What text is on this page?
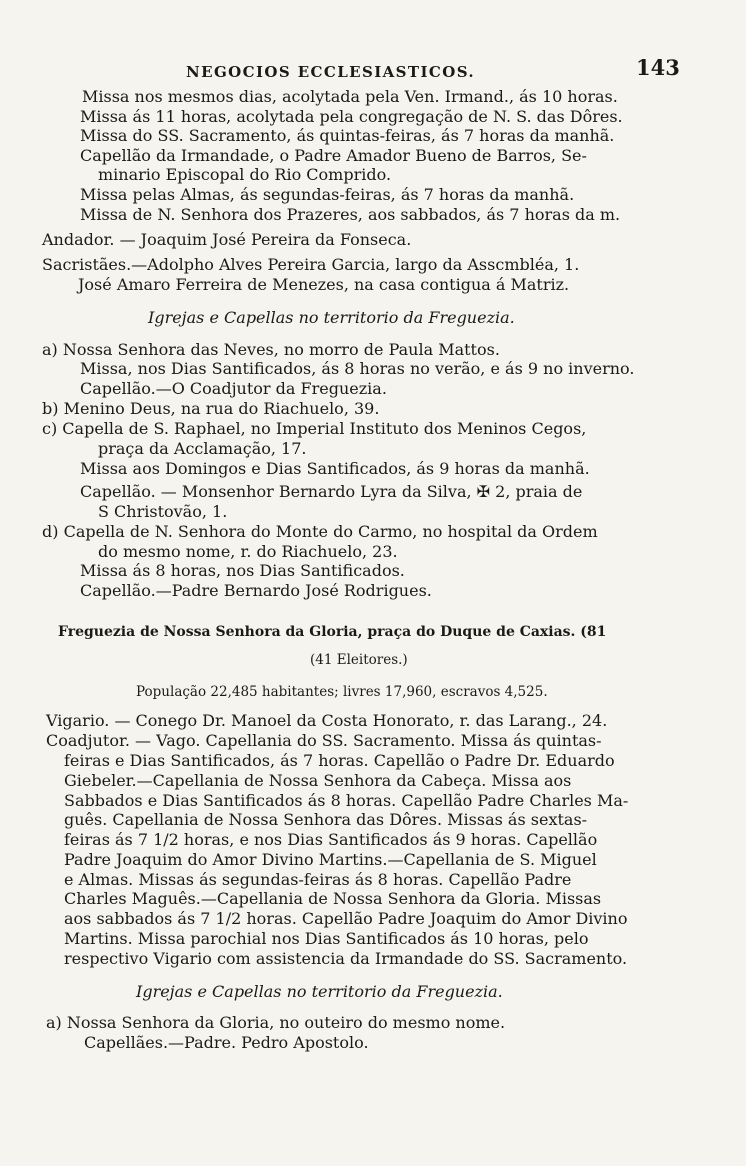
NEGOCIOS ECCLESIASTICOS.	143
Missa nos mesmos dias, acolytada pela Ven. Irmand., ás 10 horas.
Missa ás 11 horas, acolytada pela congregação de N. S. das Dôres.
Missa do SS. Sacramento, ás quintas-feiras, ás 7 horas da manhã.
Capellão da Irmandade, o Padre Amador Bueno de Barros, Se-
minario Episcopal do Rio Comprido.
Missa pelas Almas, ás segundas-feiras, ás 7 horas da manhã.
Missa de N. Senhora dos Prazeres, aos sabbados, ás 7 horas da m.
Andador. — Joaquim José Pereira da Fonseca.
Sacristães.—Adolpho Alves Pereira Garcia, largo da Asscmbléa, 1.
José Amaro Ferreira de Menezes, na casa contigua á Matriz.
Igrejas e Capellas no territorio da Freguezia.
a) Nossa Senhora das Neves, no morro de Paula Mattos.
Missa, nos Dias Santificados, ás 8 horas no verão, e ás 9 no inverno.
Capellão.—O Coadjutor da Freguezia.
b) Menino Deus, na rua do Riachuelo, 39.
c) Capella de S. Raphael, no Imperial Instituto dos Meninos Cegos,
praça da Acclamação, 17.
Missa aos Domingos e Dias Santificados, ás 9 horas da manhã.
Capellão. — Monsenhor Bernardo Lyra da Silva, ✠ 2, praia de
S Christovão, 1.
d) Capella de N. Senhora do Monte do Carmo, no hospital da Ordem
do mesmo nome, r. do Riachuelo, 23.
Missa ás 8 horas, nos Dias Santificados.
Capellão.—Padre Bernardo José Rodrigues.
Freguezia de Nossa Senhora da Gloria, praça do Duque de Caxias. (81
(41 Eleitores.)
População 22,485 habitantes; livres 17,960, escravos 4,525.
Vigario. — Conego Dr. Manoel da Costa Honorato, r. das Larang., 24.
Coadjutor. — Vago. Capellania do SS. Sacramento. Missa ás quintas-
feiras e Dias Santificados, ás 7 horas. Capellão o Padre Dr. Eduardo
Giebeler.—Capellania de Nossa Senhora da Cabeça. Missa aos
Sabbados e Dias Santificados ás 8 horas. Capellão Padre Charles Ma-
guês. Capellania de Nossa Senhora das Dôres. Missas ás sextas-
feiras ás 7 1/2 horas, e nos Dias Santificados ás 9 horas. Capellão
Padre Joaquim do Amor Divino Martins.—Capellania de S. Miguel
e Almas. Missas ás segundas-feiras ás 8 horas. Capellão Padre
Charles Maguês.—Capellania de Nossa Senhora da Gloria. Missas
aos sabbados ás 7 1/2 horas. Capellão Padre Joaquim do Amor Divino
Martins. Missa parochial nos Dias Santificados ás 10 horas, pelo
respectivo Vigario com assistencia da Irmandade do SS. Sacramento.
Igrejas e Capellas no territorio da Freguezia.
a) Nossa Senhora da Gloria, no outeiro do mesmo nome.
Capellães.—Padre. Pedro Apostolo.
